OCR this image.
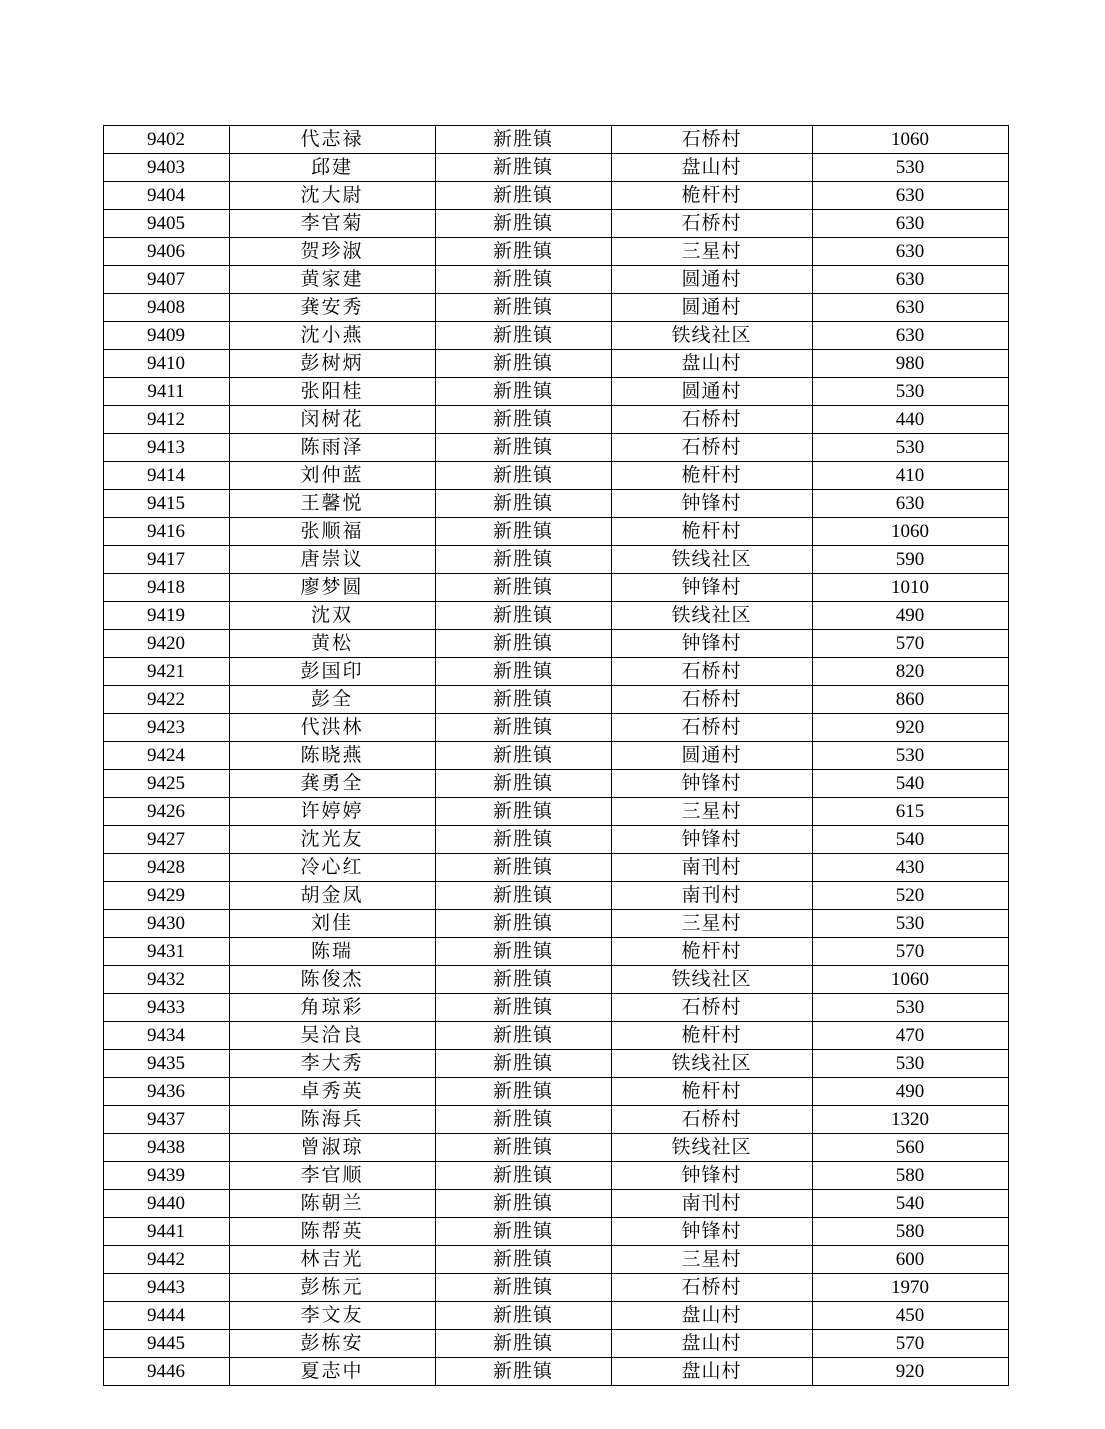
9402	代志禄	新胜镇	石桥村	1060
9403	邱建	新胜镇	盘山村	530
9404	沈大尉	新胜镇	桅杆村	630
9405	李官菊	新胜镇	石桥村	630
9406	贺珍淑	新胜镇	三星村	630
9407	黄家建	新胜镇	圆通村	630
9408	龚安秀	新胜镇	圆通村	630
9409	沈小燕	新胜镇	铁线社区	630
9410	彭树炳	新胜镇	盘山村	980
9411	张阳桂	新胜镇	圆通村	530
9412	闵树花	新胜镇	石桥村	440
9413	陈雨泽	新胜镇	石桥村	530
9414	刘仲蓝	新胜镇	桅杆村	410
9415	王馨悦	新胜镇	钟锋村	630
9416	张顺福	新胜镇	桅杆村	1060
9417	唐崇议	新胜镇	铁线社区	590
9418	廖梦圆	新胜镇	钟锋村	1010
9419	沈双	新胜镇	铁线社区	490
9420	黄松	新胜镇	钟锋村	570
9421	彭国印	新胜镇	石桥村	820
9422	彭全	新胜镇	石桥村	860
9423	代洪林	新胜镇	石桥村	920
9424	陈晓燕	新胜镇	圆通村	530
9425	龚勇全	新胜镇	钟锋村	540
9426	许婷婷	新胜镇	三星村	615
9427	沈光友	新胜镇	钟锋村	540
9428	冷心红	新胜镇	南刊村	430
9429	胡金凤	新胜镇	南刊村	520
9430	刘佳	新胜镇	三星村	530
9431	陈瑞	新胜镇	桅杆村	570
9432	陈俊杰	新胜镇	铁线社区	1060
9433	角琼彩	新胜镇	石桥村	530
9434	吴洽良	新胜镇	桅杆村	470
9435	李大秀	新胜镇	铁线社区	530
9436	卓秀英	新胜镇	桅杆村	490
9437	陈海兵	新胜镇	石桥村	1320
9438	曾淑琼	新胜镇	铁线社区	560
9439	李官顺	新胜镇	钟锋村	580
9440	陈朝兰	新胜镇	南刊村	540
9441	陈帮英	新胜镇	钟锋村	580
9442	林吉光	新胜镇	三星村	600
9443	彭栋元	新胜镇	石桥村	1970
9444	李文友	新胜镇	盘山村	450
9445	彭栋安	新胜镇	盘山村	570
9446	夏志中	新胜镇	盘山村	920
